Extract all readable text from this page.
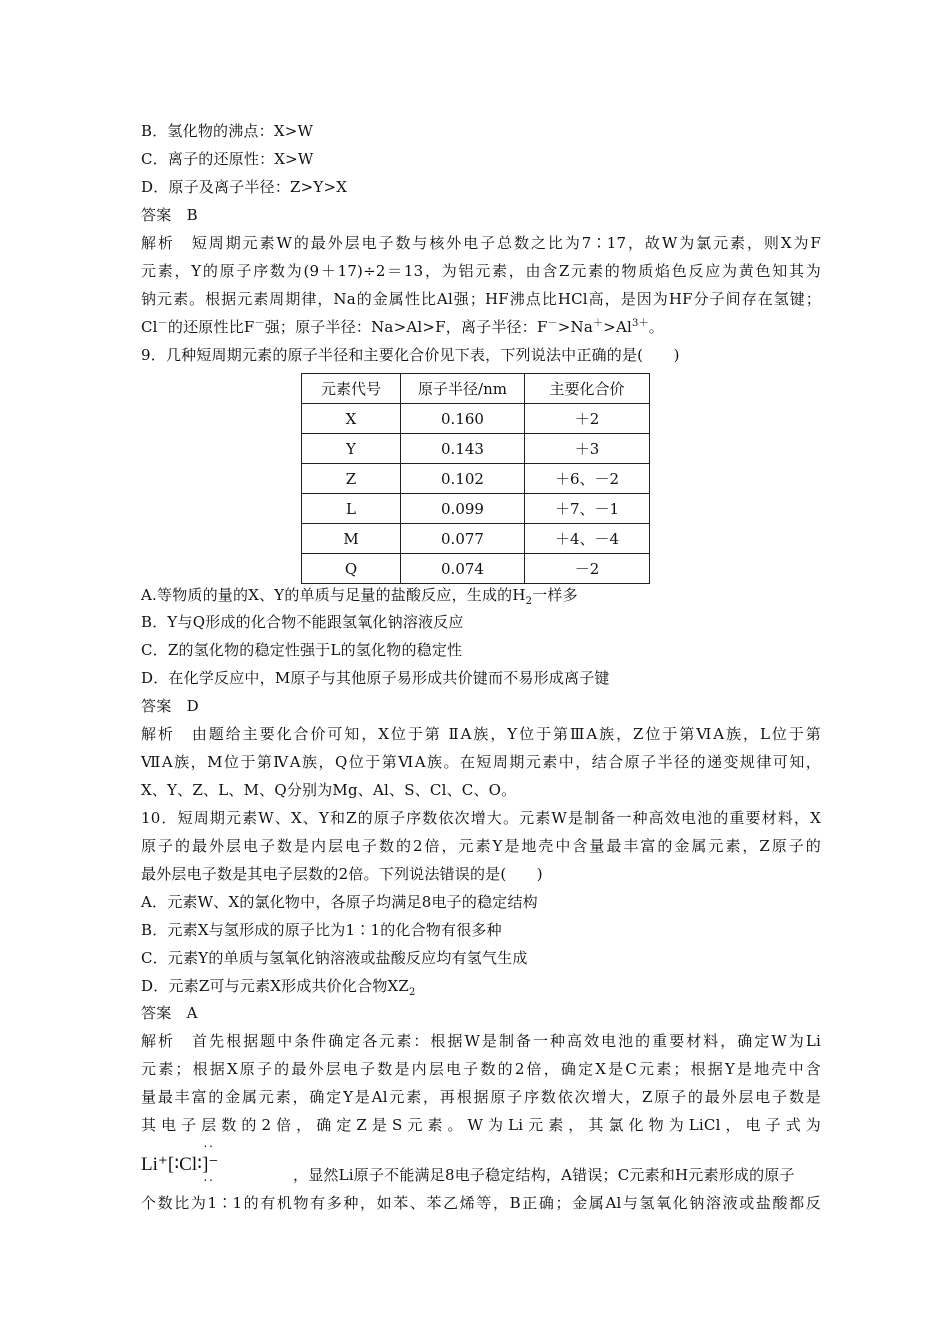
B．氢化物的沸点：X>W
C．离子的还原性：X>W
D．原子及离子半径：Z>Y>X
答案　B
解析　短周期元素W的最外层电子数与核外电子总数之比为7∶17，故W为氯元素，则X为F
元素，Y的原子序数为(9＋17)÷2＝13，为铝元素，由含Z元素的物质焰色反应为黄色知其为
钠元素。根据元素周期律，Na的金属性比Al强；HF沸点比HCl高，是因为HF分子间存在氢键；
Cl－的还原性比F－强；原子半径：Na>Al>F，离子半径：$F^->Na^+>Al^{3+}$。
9．几种短周期元素的原子半径和主要化合价见下表，下列说法中正确的是(　　)
元素代号	原子半径/nm	主要化合价
X	0.160	＋2
Y	0.143	＋3
Z	0.102	＋6、－2
L	0.099	＋7、－1
M	0.077	＋4、－4
Q	0.074	－2
A.等物质的量的X、Y的单质与足量的盐酸反应，生成的$H_2$一样多
B．Y与Q形成的化合物不能跟氢氧化钠溶液反应
C．Z的氢化物的稳定性强于L的氢化物的稳定性
D．在化学反应中，M原子与其他原子易形成共价键而不易形成离子键
答案　D
解析　由题给主要化合价可知，X位于第 ⅡA族，Y位于第ⅢA族，Z位于第ⅥA族，L位于第
ⅦA族，M位于第ⅣA族，Q位于第ⅥA族。在短周期元素中，结合原子半径的递变规律可知，
X、Y、Z、L、M、Q分别为Mg、Al、S、Cl、C、O。
10．短周期元素W、X、Y和Z的原子序数依次增大。元素W是制备一种高效电池的重要材料，X
原子的最外层电子数是内层电子数的2倍，元素Y是地壳中含量最丰富的金属元素，Z原子的
最外层电子数是其电子层数的2倍。下列说法错误的是(　　)
A．元素W、X的氯化物中，各原子均满足8电子的稳定结构
B．元素X与氢形成的原子比为1∶1的化合物有很多种
C．元素Y的单质与氢氧化钠溶液或盐酸反应均有氢气生成
D．元素Z可与元素X形成共价化合物$XZ_2$
答案　A
解析　首先根据题中条件确定各元素：根据W是制备一种高效电池的重要材料，确定W为Li
元素；根据X原子的最外层电子数是内层电子数的2倍，确定X是C元素；根据Y是地壳中含
量最丰富的金属元素，确定Y是Al元素，再根据原子序数依次增大，Z原子的最外层电子数是
其电子层数的2倍，确定Z是S元素。W为Li元素，其氯化物为LiCl，电子式为
··
Li⁺[∶Cl∶]⁻
··	，显然Li原子不能满足8电子稳定结构，A错误；C元素和H元素形成的原子
个数比为1∶1的有机物有多种，如苯、苯乙烯等，B正确；金属Al与氢氧化钠溶液或盐酸都反
